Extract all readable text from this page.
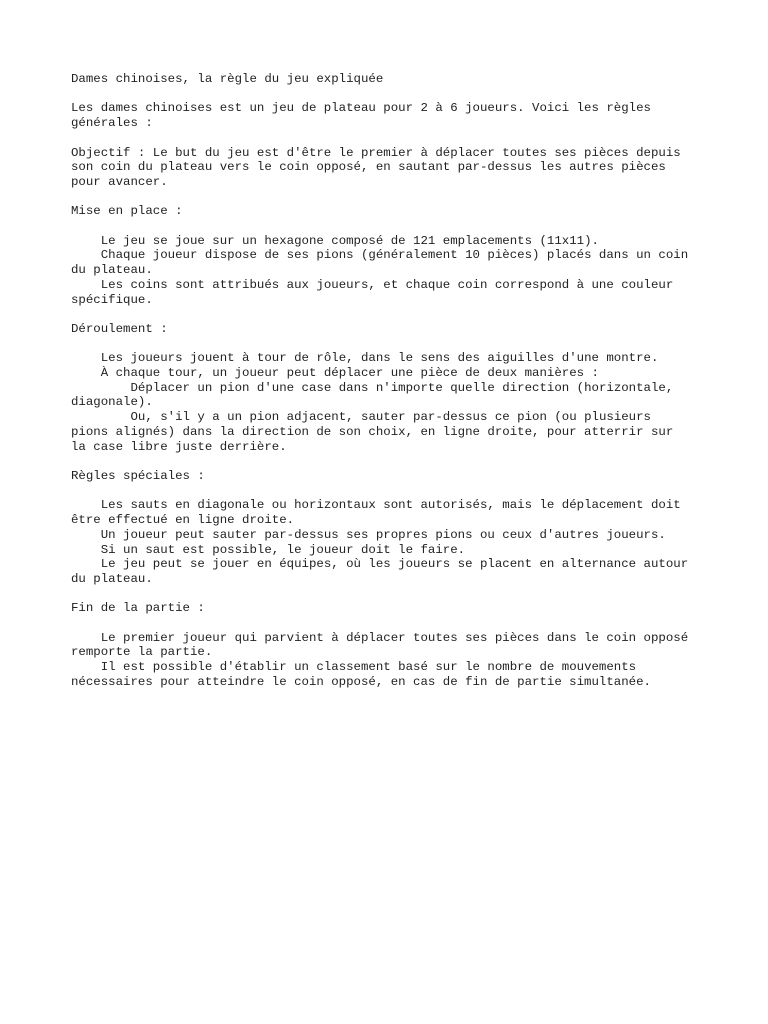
Dames chinoises, la règle du jeu expliquée

Les dames chinoises est un jeu de plateau pour 2 à 6 joueurs. Voici les règles
générales :

Objectif : Le but du jeu est d'être le premier à déplacer toutes ses pièces depuis
son coin du plateau vers le coin opposé, en sautant par-dessus les autres pièces
pour avancer.

Mise en place :

Le jeu se joue sur un hexagone composé de 121 emplacements (11x11).
Chaque joueur dispose de ses pions (généralement 10 pièces) placés dans un coin
du plateau.
Les coins sont attribués aux joueurs, et chaque coin correspond à une couleur
spécifique.

Déroulement :

Les joueurs jouent à tour de rôle, dans le sens des aiguilles d'une montre.
À chaque tour, un joueur peut déplacer une pièce de deux manières :
Déplacer un pion d'une case dans n'importe quelle direction (horizontale,
diagonale).
Ou, s'il y a un pion adjacent, sauter par-dessus ce pion (ou plusieurs
pions alignés) dans la direction de son choix, en ligne droite, pour atterrir sur
la case libre juste derrière.

Règles spéciales :

Les sauts en diagonale ou horizontaux sont autorisés, mais le déplacement doit
être effectué en ligne droite.
Un joueur peut sauter par-dessus ses propres pions ou ceux d'autres joueurs.
Si un saut est possible, le joueur doit le faire.
Le jeu peut se jouer en équipes, où les joueurs se placent en alternance autour
du plateau.

Fin de la partie :

Le premier joueur qui parvient à déplacer toutes ses pièces dans le coin opposé
remporte la partie.
Il est possible d'établir un classement basé sur le nombre de mouvements
nécessaires pour atteindre le coin opposé, en cas de fin de partie simultanée.
